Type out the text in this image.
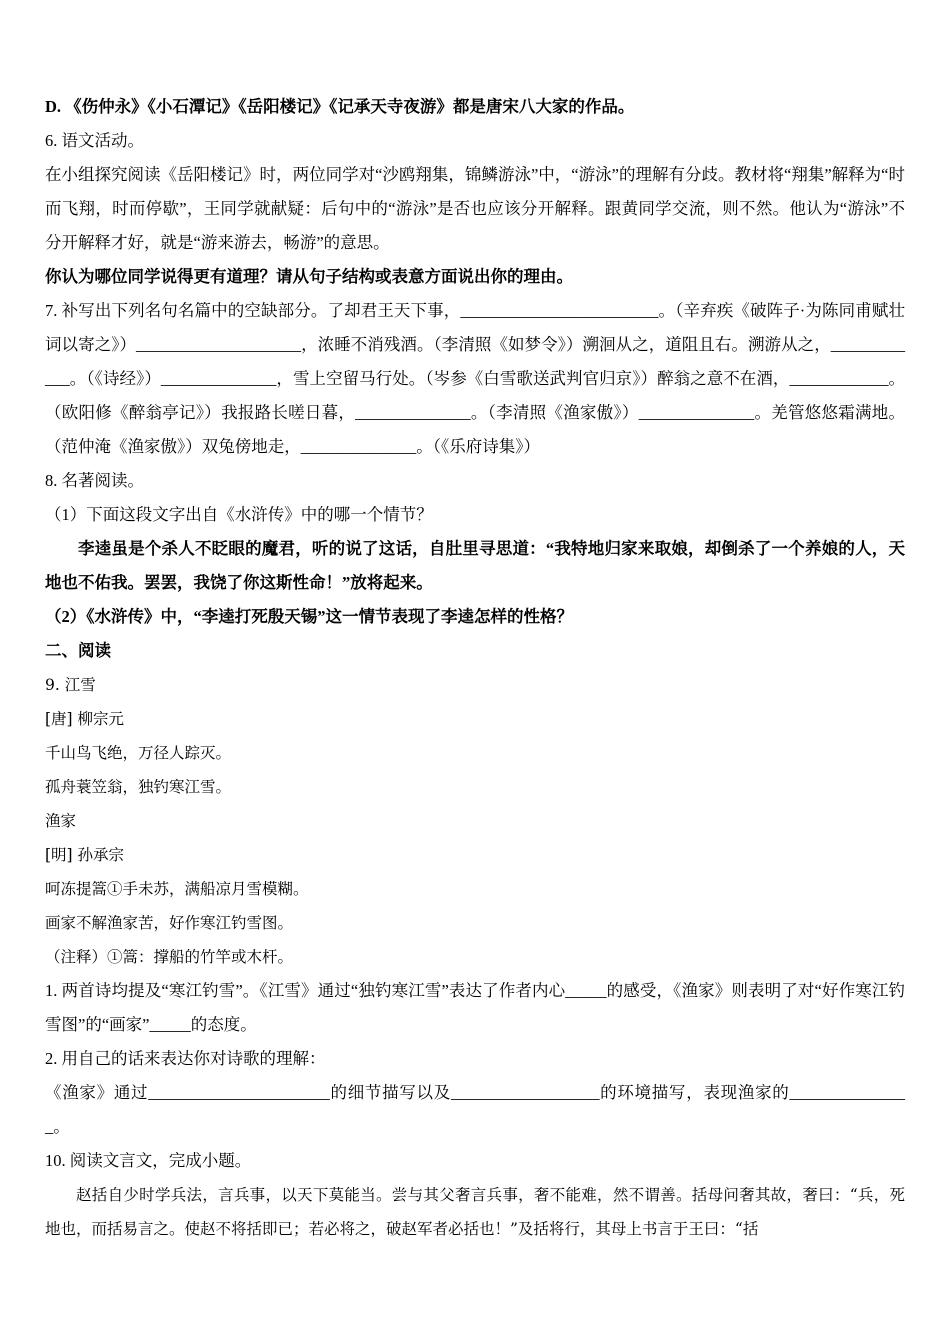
D. 《伤仲永》《小石潭记》《岳阳楼记》《记承天寺夜游》都是唐宋八大家的作品。

6. 语文活动。

在小组探究阅读《岳阳楼记》时，两位同学对“沙鸥翔集，锦鳞游泳”中，“游泳”的理解有分歧。教材将“翔集”解释为“时而飞翔，时而停歇”，王同学就献疑：后句中的“游泳”是否也应该分开解释。跟黄同学交流，则不然。他认为“游泳”不分开解释才好，就是“游来游去，畅游”的意思。

你认为哪位同学说得更有道理？请从句子结构或表意方面说出你的理由。

7. 补写出下列名句名篇中的空缺部分。了却君王天下事，________________________。（辛弃疾《破阵子·为陈同甫赋壮词以寄之》）____________________，浓睡不消残酒。（李清照《如梦令》）溯洄从之，道阻且右。溯游从之，____________。（《诗经》）______________，雪上空留马行处。（岑参《白雪歌送武判官归京》）醉翁之意不在酒，____________。（欧阳修《醉翁亭记》）我报路长嗟日暮，______________。（李清照《渔家傲》）______________。羌管悠悠霜满地。（范仲淹《渔家傲》）双兔傍地走，______________。（《乐府诗集》）

8. 名著阅读。

（1）下面这段文字出自《水浒传》中的哪一个情节？

李逵虽是个杀人不眨眼的魔君，听的说了这话，自肚里寻思道：“我特地归家来取娘，却倒杀了一个养娘的人，天地也不佑我。罢罢，我饶了你这斯性命！”放将起来。

（2）《水浒传》中，“李逵打死殷天锡”这一情节表现了李逵怎样的性格？

二、阅读

9. 江雪

[唐] 柳宗元

千山鸟飞绝，万径人踪灭。

孤舟蓑笠翁，独钓寒江雪。

渔家

[明] 孙承宗

呵冻提篙①手未苏，满船凉月雪模糊。

画家不解渔家苦，好作寒江钓雪图。

（注释）①篙：撑船的竹竿或木杆。

1. 两首诗均提及“寒江钓雪”。《江雪》通过“独钓寒江雪”表达了作者内心_____的感受，《渔家》则表明了对“好作寒江钓雪图”的“画家”_____的态度。

2. 用自己的话来表达你对诗歌的理解：

《渔家》通过______________________的细节描写以及__________________的环境描写，表现渔家的_______________。

10. 阅读文言文，完成小题。

赵括自少时学兵法，言兵事，以天下莫能当。尝与其父奢言兵事，奢不能难，然不谓善。括母问奢其故，奢曰：“兵，死地也，而括易言之。使赵不将括即已；若必将之，破赵军者必括也！”及括将行，其母上书言于王曰：“括
